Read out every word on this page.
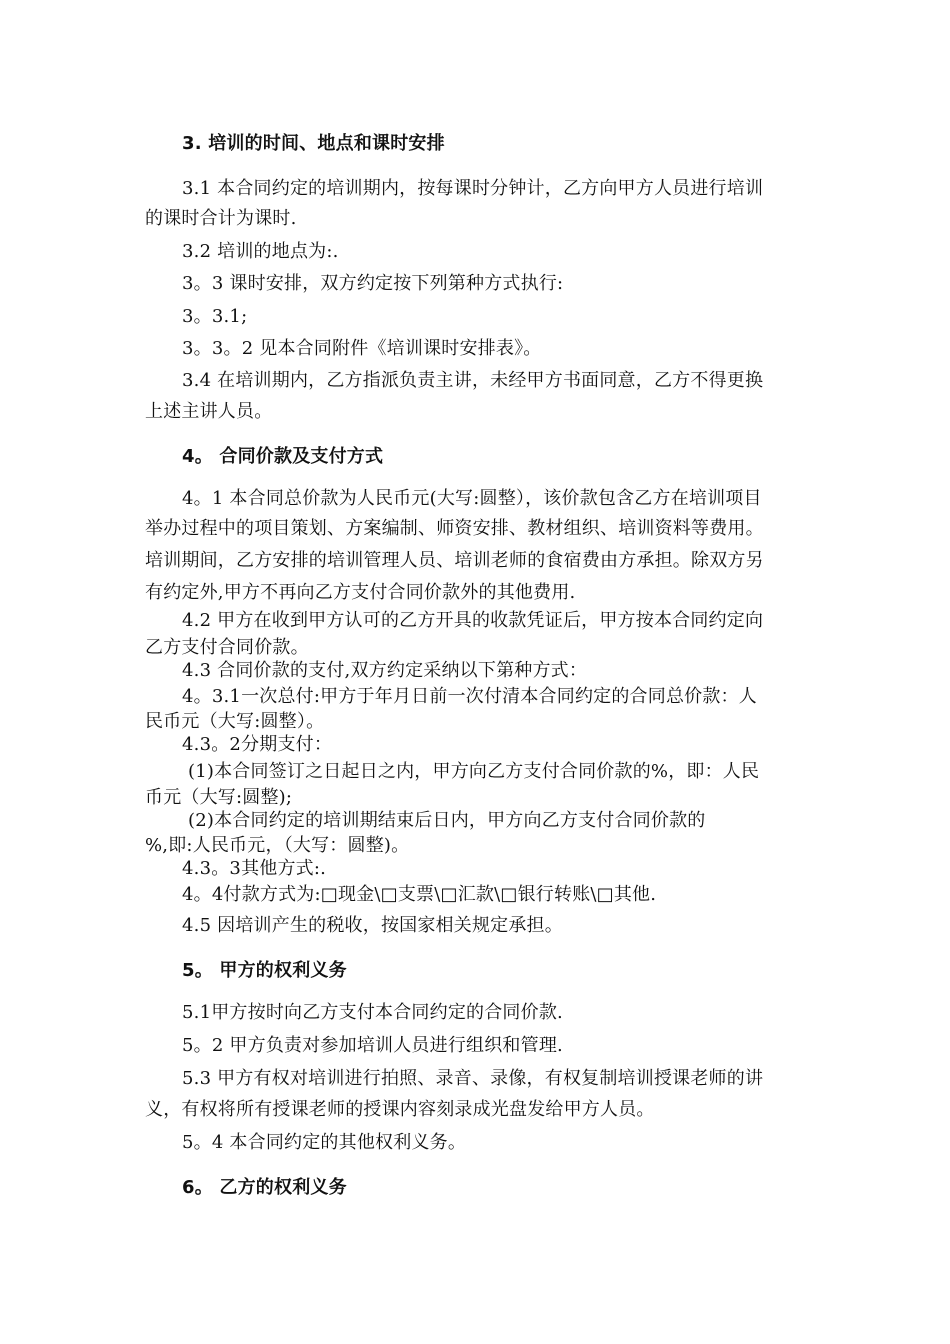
3. 培训的时间、地点和课时安排
3.1 本合同约定的培训期内，按每课时分钟计，乙方向甲方人员进行培训
的课时合计为课时.
3.2 培训的地点为:.
3。3 课时安排，双方约定按下列第种方式执行:
3。3.1;
3。3。2 见本合同附件《培训课时安排表》。
3.4 在培训期内，乙方指派负责主讲，未经甲方书面同意，乙方不得更换
上述主讲人员。
4。 合同价款及支付方式
4。1 本合同总价款为人民币元(大写:圆整），该价款包含乙方在培训项目
举办过程中的项目策划、方案编制、师资安排、教材组织、培训资料等费用。
培训期间，乙方安排的培训管理人员、培训老师的食宿费由方承担。除双方另
有约定外,甲方不再向乙方支付合同价款外的其他费用.
4.2 甲方在收到甲方认可的乙方开具的收款凭证后，甲方按本合同约定向
乙方支付合同价款。
4.3 合同价款的支付,双方约定采纳以下第种方式：
4。3.1一次总付:甲方于年月日前一次付清本合同约定的合同总价款：人
民币元（大写:圆整）。
4.3。2分期支付：
(1)本合同签订之日起日之内，甲方向乙方支付合同价款的%，即：人民
币元（大写:圆整);
(2)本合同约定的培训期结束后日内，甲方向乙方支付合同价款的
%,即:人民币元，（大写：圆整)。
4.3。3其他方式:.
4。4付款方式为:□现金\□支票\□汇款\□银行转账\□其他.
4.5 因培训产生的税收，按国家相关规定承担。
5。 甲方的权利义务
5.1甲方按时向乙方支付本合同约定的合同价款.
5。2 甲方负责对参加培训人员进行组织和管理.
5.3 甲方有权对培训进行拍照、录音、录像，有权复制培训授课老师的讲
义，有权将所有授课老师的授课内容刻录成光盘发给甲方人员。
5。4 本合同约定的其他权利义务。
6。 乙方的权利义务
